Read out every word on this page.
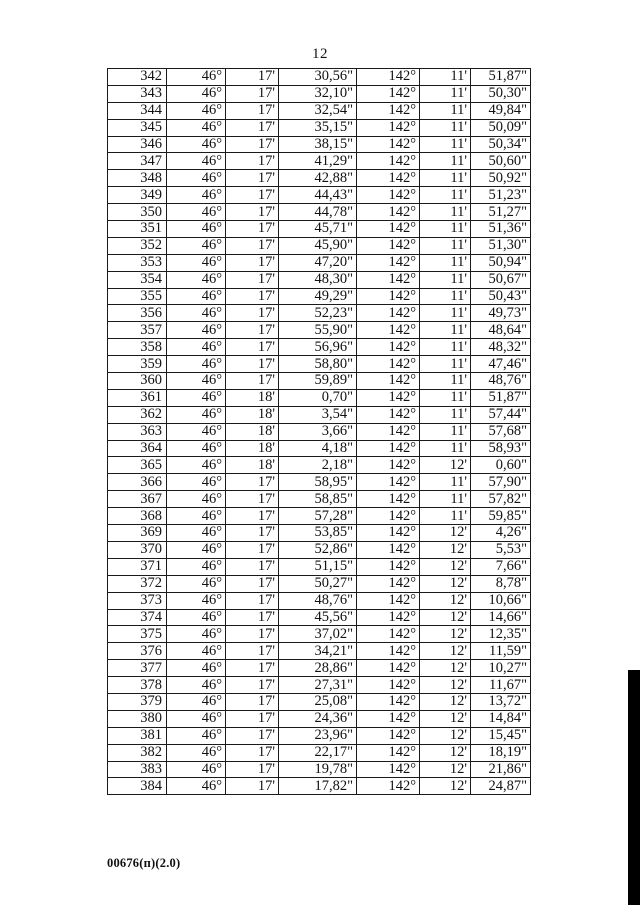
12
342	46°	17'	30,56"	142°	11'	51,87"
343	46°	17'	32,10"	142°	11'	50,30"
344	46°	17'	32,54"	142°	11'	49,84"
345	46°	17'	35,15"	142°	11'	50,09"
346	46°	17'	38,15"	142°	11'	50,34"
347	46°	17'	41,29"	142°	11'	50,60"
348	46°	17'	42,88"	142°	11'	50,92"
349	46°	17'	44,43"	142°	11'	51,23"
350	46°	17'	44,78"	142°	11'	51,27"
351	46°	17'	45,71"	142°	11'	51,36"
352	46°	17'	45,90"	142°	11'	51,30"
353	46°	17'	47,20"	142°	11'	50,94"
354	46°	17'	48,30"	142°	11'	50,67"
355	46°	17'	49,29"	142°	11'	50,43"
356	46°	17'	52,23"	142°	11'	49,73"
357	46°	17'	55,90"	142°	11'	48,64"
358	46°	17'	56,96"	142°	11'	48,32"
359	46°	17'	58,80"	142°	11'	47,46"
360	46°	17'	59,89"	142°	11'	48,76"
361	46°	18'	0,70"	142°	11'	51,87"
362	46°	18'	3,54"	142°	11'	57,44"
363	46°	18'	3,66"	142°	11'	57,68"
364	46°	18'	4,18"	142°	11'	58,93"
365	46°	18'	2,18"	142°	12'	0,60"
366	46°	17'	58,95"	142°	11'	57,90"
367	46°	17'	58,85"	142°	11'	57,82"
368	46°	17'	57,28"	142°	11'	59,85"
369	46°	17'	53,85"	142°	12'	4,26"
370	46°	17'	52,86"	142°	12'	5,53"
371	46°	17'	51,15"	142°	12'	7,66"
372	46°	17'	50,27"	142°	12'	8,78"
373	46°	17'	48,76"	142°	12'	10,66"
374	46°	17'	45,56"	142°	12'	14,66"
375	46°	17'	37,02"	142°	12'	12,35"
376	46°	17'	34,21"	142°	12'	11,59"
377	46°	17'	28,86"	142°	12'	10,27"
378	46°	17'	27,31"	142°	12'	11,67"
379	46°	17'	25,08"	142°	12'	13,72"
380	46°	17'	24,36"	142°	12'	14,84"
381	46°	17'	23,96"	142°	12'	15,45"
382	46°	17'	22,17"	142°	12'	18,19"
383	46°	17'	19,78"	142°	12'	21,86"
384	46°	17'	17,82"	142°	12'	24,87"
00676(п)(2.0)
